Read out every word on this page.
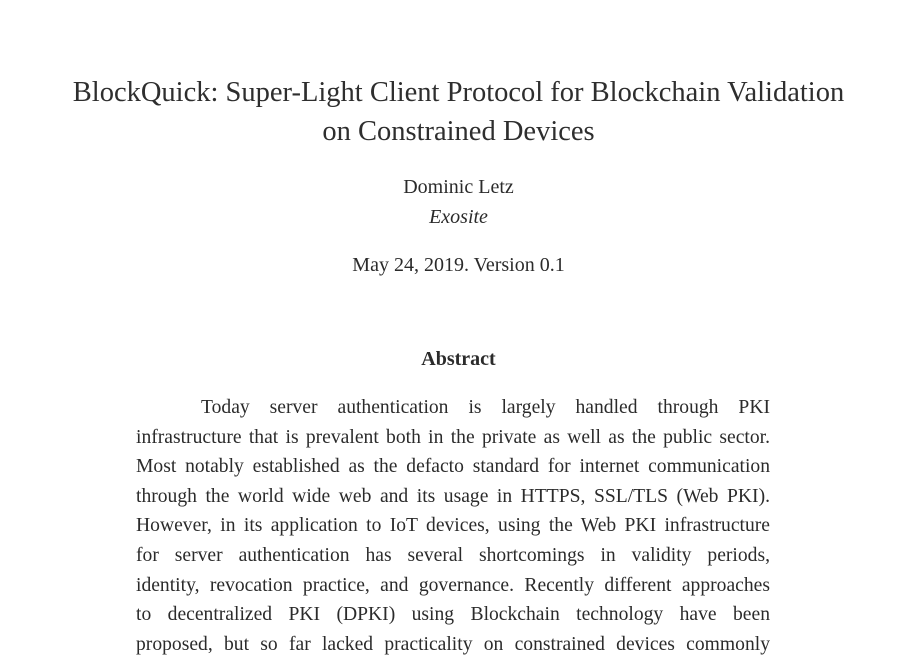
BlockQuick: Super-Light Client Protocol for Blockchain Validation
on Constrained Devices
Dominic Letz
Exosite
May 24, 2019. Version 0.1
Abstract
Today server authentication is largely handled through PKI
infrastructure that is prevalent both in the private as well as the public sector.
Most notably established as the defacto standard for internet communication
through the world wide web and its usage in HTTPS, SSL/TLS (Web PKI).
However, in its application to IoT devices, using the Web PKI infrastructure
for server authentication has several shortcomings in validity periods,
identity, revocation practice, and governance. Recently different approaches
to decentralized PKI (DPKI) using Blockchain technology have been
proposed, but so far lacked practicality on constrained devices commonly
